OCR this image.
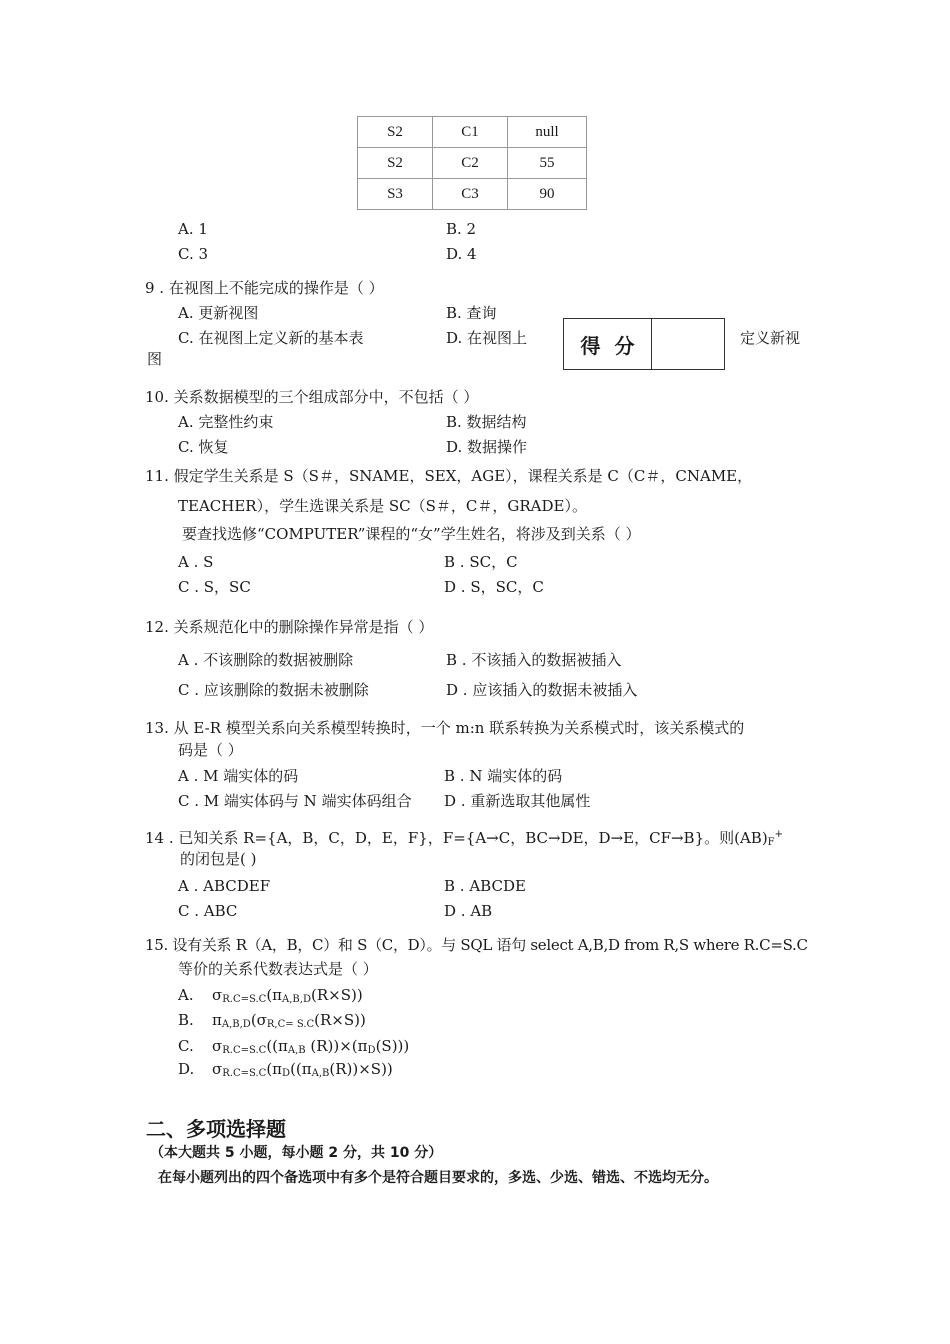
S2	C1	null
S2	C2	55
S3	C3	90
A. 1	B. 2
C. 3	D. 4
9 . 在视图上不能完成的操作是（ ）
A. 更新视图	B. 查询
C. 在视图上定义新的基本表	D. 在视图上	定义新视
图
得分
10. 关系数据模型的三个组成部分中，不包括（ ）
A. 完整性约束	B. 数据结构
C. 恢复	D. 数据操作
11. 假定学生关系是 S（S＃，SNAME，SEX，AGE），课程关系是 C（C＃，CNAME，
TEACHER），学生选课关系是 SC（S＃，C＃，GRADE）。
要查找选修“COMPUTER”课程的“女”学生姓名，将涉及到关系（ ）
A . S	B . SC，C
C . S，SC	D . S，SC，C
12. 关系规范化中的删除操作异常是指（ ）
A . 不该删除的数据被删除	B . 不该插入的数据被插入
C . 应该删除的数据未被删除	D . 应该插入的数据未被插入
13. 从 E-R 模型关系向关系模型转换时，一个 m:n 联系转换为关系模式时，该关系模式的
码是（ ）
A . M 端实体的码	B . N 端实体的码
C . M 端实体码与 N 端实体码组合 D . 重新选取其他属性
14 . 已知关系 R={A，B，C，D，E，F}，F={A→C，BC→DE，D→E，CF→B}。则$(AB)_F^+$
的闭包是( )
A . ABCDEF	B . ABCDE
C . ABC	D . AB
15. 设有关系 R（A，B，C）和 S（C，D）。与 SQL 语句 select A,B,D from R,S where R.C=S.C
等价的关系代数表达式是（ ）
A. $\sigma_{R.C=S.C}(\pi_{A,B,D}(R\times S))$
B. $\pi_{A,B,D}(\sigma_{R,C= S.C}(R\times S))$
C. $\sigma_{R.C=S.C}((\pi_{A,B}$ $(R))\times(\pi_D(S))$)
D. $\sigma_{R.C=S.C}(\pi_D((\pi_{A,B}(R))\times S))$
二、多项选择题
（本大题共 5 小题，每小题 2 分，共 10 分）
在每小题列出的四个备选项中有多个是符合题目要求的，多选、少选、错选、不选均无分。
